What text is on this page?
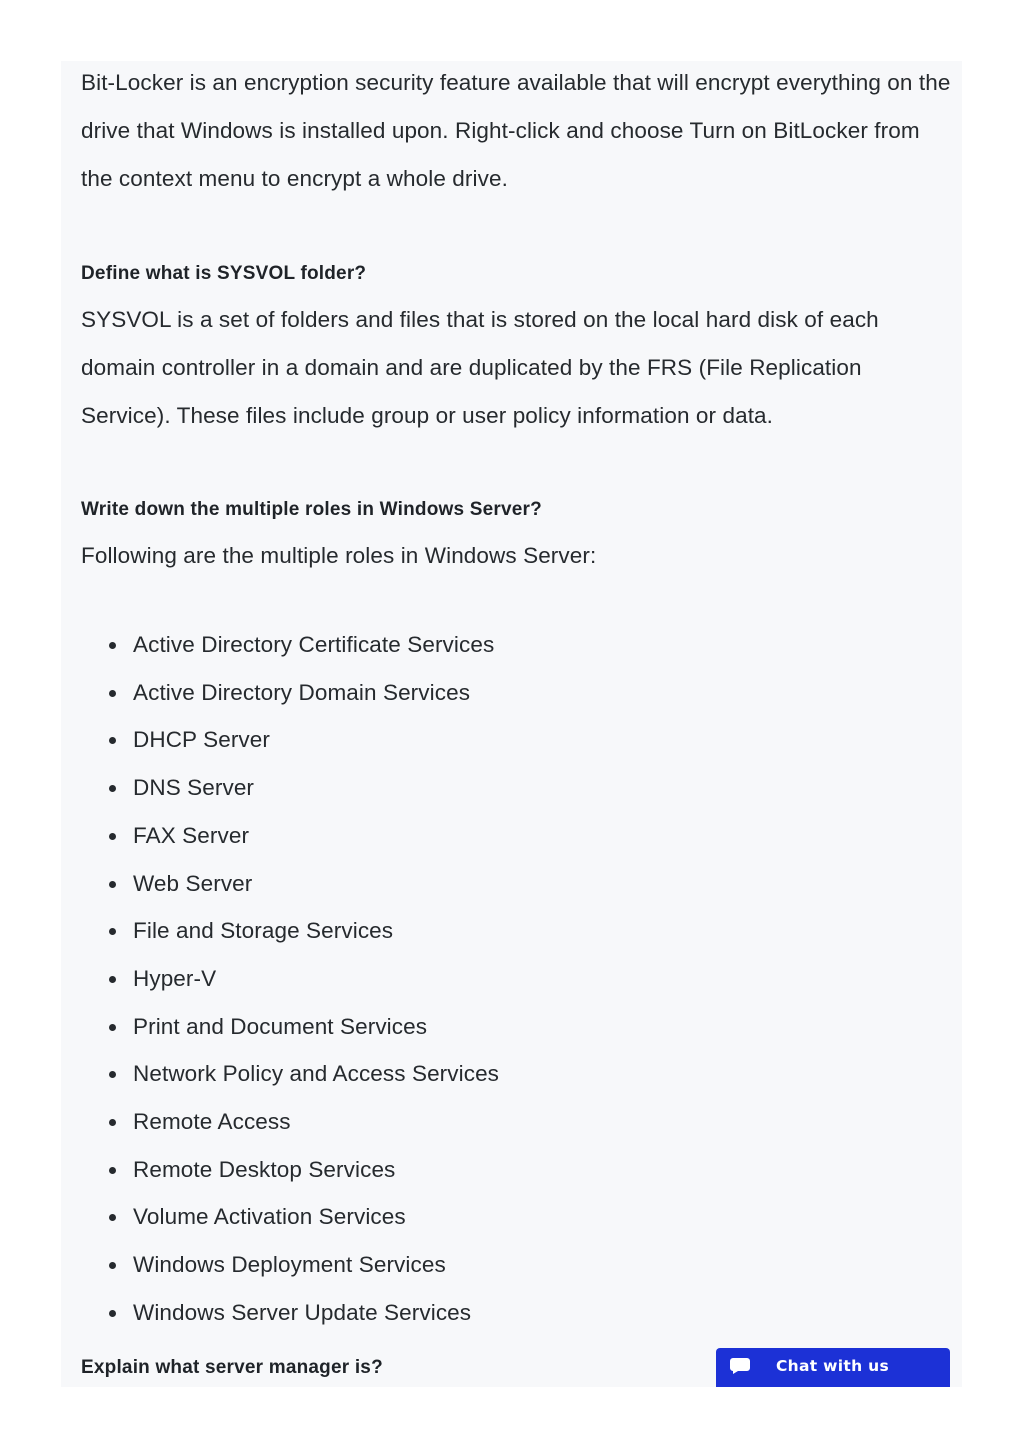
Bit-Locker is an encryption security feature available that will encrypt everything on the drive that Windows is installed upon. Right-click and choose Turn on BitLocker from the context menu to encrypt a whole drive.

Define what is SYSVOL folder?

SYSVOL is a set of folders and files that is stored on the local hard disk of each domain controller in a domain and are duplicated by the FRS (File Replication Service). These files include group or user policy information or data.

Write down the multiple roles in Windows Server?

Following are the multiple roles in Windows Server:

Active Directory Certificate Services
Active Directory Domain Services
DHCP Server
DNS Server
FAX Server
Web Server
File and Storage Services
Hyper-V
Print and Document Services
Network Policy and Access Services
Remote Access
Remote Desktop Services
Volume Activation Services
Windows Deployment Services
Windows Server Update Services
Explain what server manager is?	Chat with us
